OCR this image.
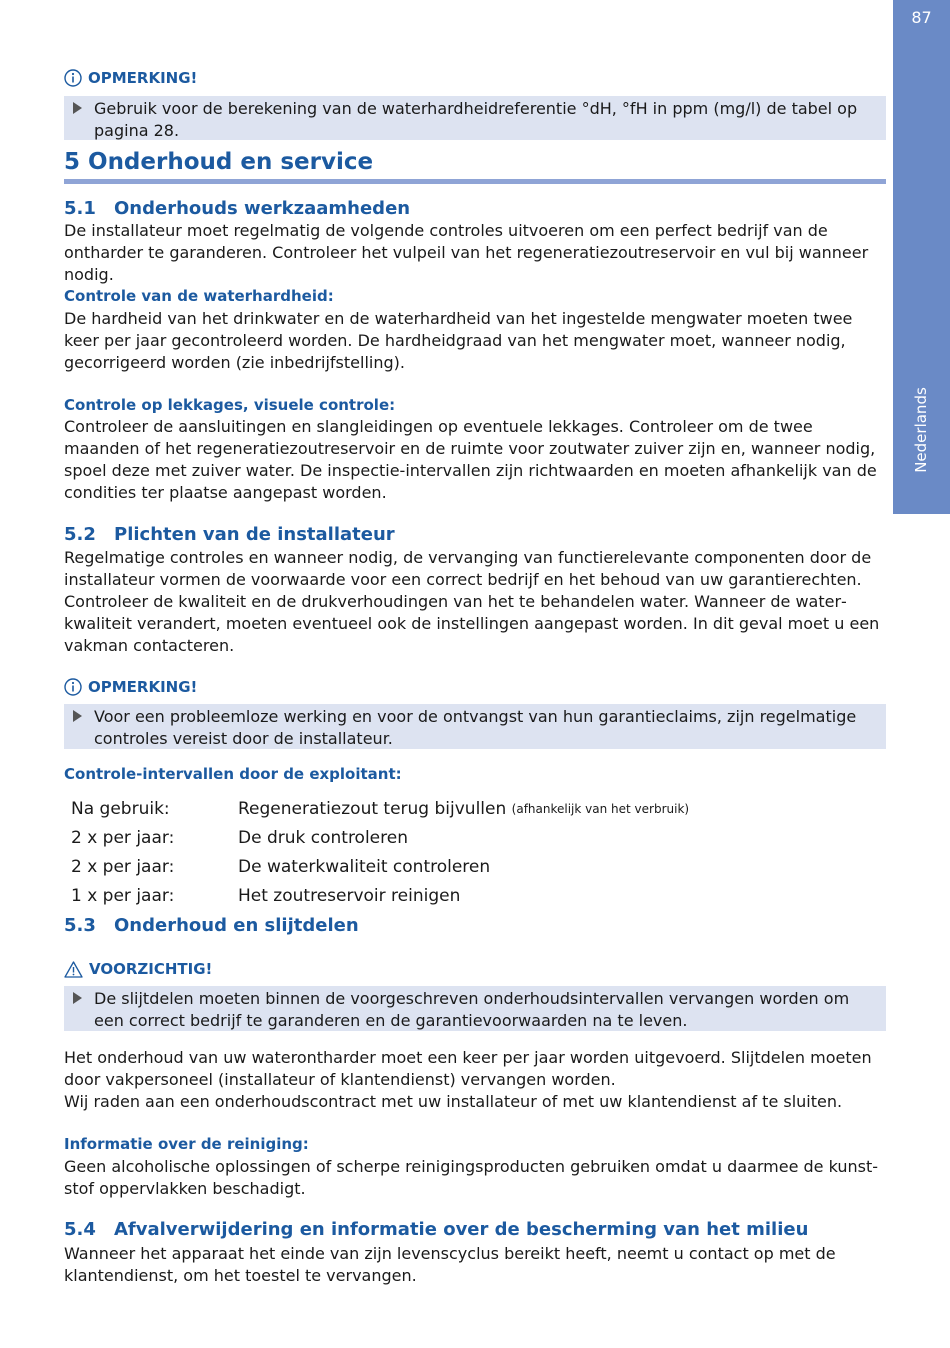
87
Nederlands
OPMERKING!
Gebruik voor de berekening van de waterhardheidreferentie °dH, °fH in ppm (mg/l) de tabel op pagina 28.
5 Onderhoud en service
5.1 Onderhouds werkzaamheden
De installateur moet regelmatig de volgende controles uitvoeren om een perfect bedrijf van de ontharder te garanderen. Controleer het vulpeil van het regeneratiezoutreservoir en vul bij wanneer nodig.
Controle van de waterhardheid:
De hardheid van het drinkwater en de waterhardheid van het ingestelde mengwater moeten twee keer per jaar gecontroleerd worden. De hardheidgraad van het mengwater moet, wanneer nodig, gecorrigeerd worden (zie inbedrijfstelling).
Controle op lekkages, visuele controle:
Controleer de aansluitingen en slangleidingen op eventuele lekkages. Controleer om de twee maanden of het regeneratiezoutreservoir en de ruimte voor zoutwater zuiver zijn en, wanneer nodig, spoel deze met zuiver water. De inspectie-intervallen zijn richtwaarden en moeten afhankelijk van de condities ter plaatse aangepast worden.
5.2 Plichten van de installateur
Regelmatige controles en wanneer nodig, de vervanging van functierelevante componenten door de installateur vormen de voorwaarde voor een correct bedrijf en het behoud van uw garantierechten. Controleer de kwaliteit en de drukverhoudingen van het te behandelen water. Wanneer de waterkwaliteit verandert, moeten eventueel ook de instellingen aangepast worden. In dit geval moet u een vakman contacteren.
OPMERKING!
Voor een probleemloze werking en voor de ontvangst van hun garantieclaims, zijn regelmatige controles vereist door de installateur.
Controle-intervallen door de exploitant:
Na gebruik:	Regeneratiezout terug bijvullen
(afhankelijk van het verbruik)
2 x per jaar:	De druk controleren
2 x per jaar:	De waterkwaliteit controleren
1 x per jaar:	Het zoutreservoir reinigen
5.3 Onderhoud en slijtdelen
VOORZICHTIG!
De slijtdelen moeten binnen de voorgeschreven onderhoudsintervallen vervangen worden om een correct bedrijf te garanderen en de garantievoorwaarden na te leven.
Het onderhoud van uw waterontharder moet een keer per jaar worden uitgevoerd. Slijtdelen moeten door vakpersoneel (installateur of klantendienst) vervangen worden.
Wij raden aan een onderhoudscontract met uw installateur of met uw klantendienst af te sluiten.
Informatie over de reiniging:
Geen alcoholische oplossingen of scherpe reinigingsproducten gebruiken omdat u daarmee de kunststof oppervlakken beschadigt.
5.4 Afvalverwijdering en informatie over de bescherming van het milieu
Wanneer het apparaat het einde van zijn levenscyclus bereikt heeft, neemt u contact op met de klantendienst, om het toestel te vervangen.
